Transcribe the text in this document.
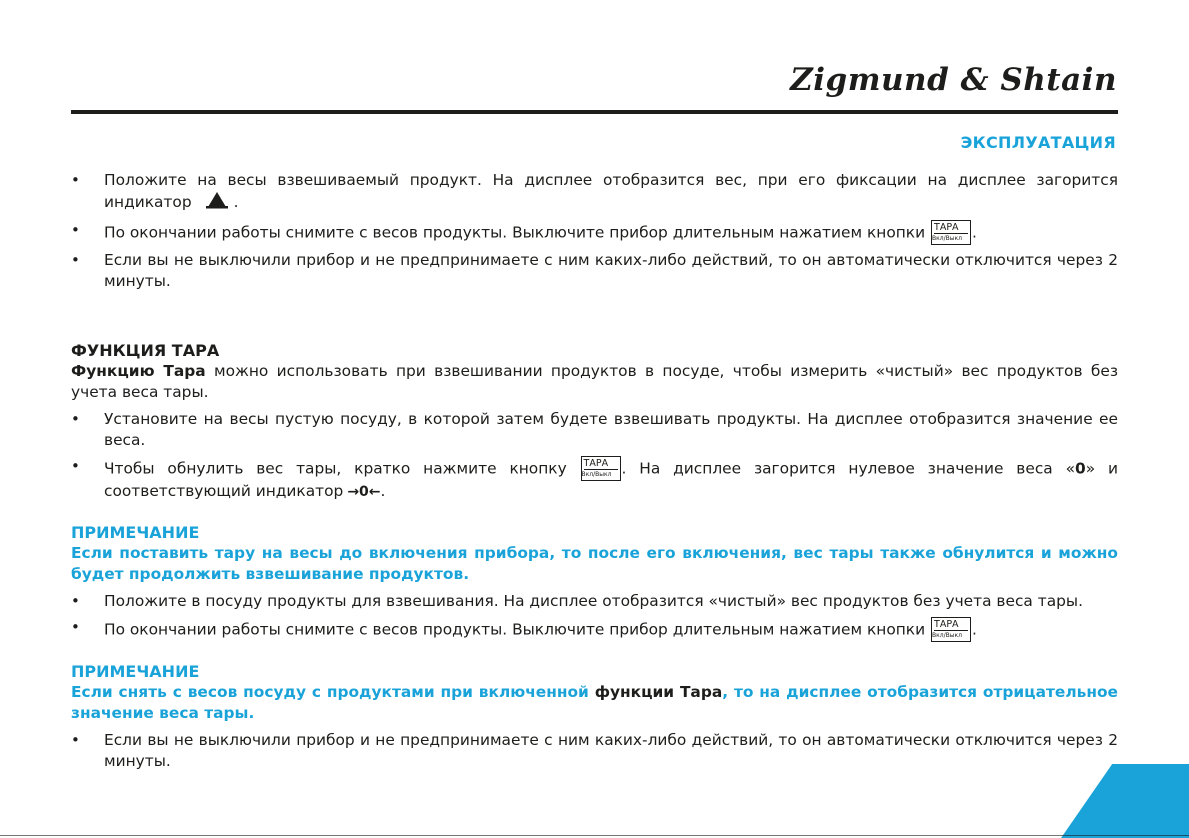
Zigmund & Shtain
ЭКСПЛУАТАЦИЯ
• Положите на весы взвешиваемый продукт. На дисплее отобразится вес, при его фиксации на дисплее загорится индикатор	.
• По окончании работы снимите с весов продукты. Выключите прибор длительным нажатием кнопки ТАРА
Вкл/Выкл .
• Если вы не выключили прибор и не предпринимаете с ним каких-либо действий, то он автоматически отключится через 2 минуты.
ФУНКЦИЯ ТАРА

Функцию Тара можно использовать при взвешивании продуктов в посуде, чтобы измерить «чистый» вес продуктов без учета веса тары.

• Установите на весы пустую посуду, в которой затем будете взвешивать продукты. На дисплее отобразится значение ее веса.
• Чтобы обнулить вес тары, кратко нажмите кнопку ТАРА
Вкл/Выкл . На дисплее загорится нулевое значение веса «0» и соответствующий индикатор →0←.
ПРИМЕЧАНИЕ

Если поставить тару на весы до включения прибора, то после его включения, вес тары также обнулится и можно будет продолжить взвешивание продуктов.

• Положите в посуду продукты для взвешивания. На дисплее отобразится «чистый» вес продуктов без учета веса тары.
• По окончании работы снимите с весов продукты. Выключите прибор длительным нажатием кнопки ТАРА
Вкл/Выкл .
ПРИМЕЧАНИЕ

Если снять с весов посуду с продуктами при включенной функции Тара, то на дисплее отобразится отрицательное значение веса тары.

• Если вы не выключили прибор и не предпринимаете с ним каких-либо действий, то он автоматически отключится через 2 минуты.
